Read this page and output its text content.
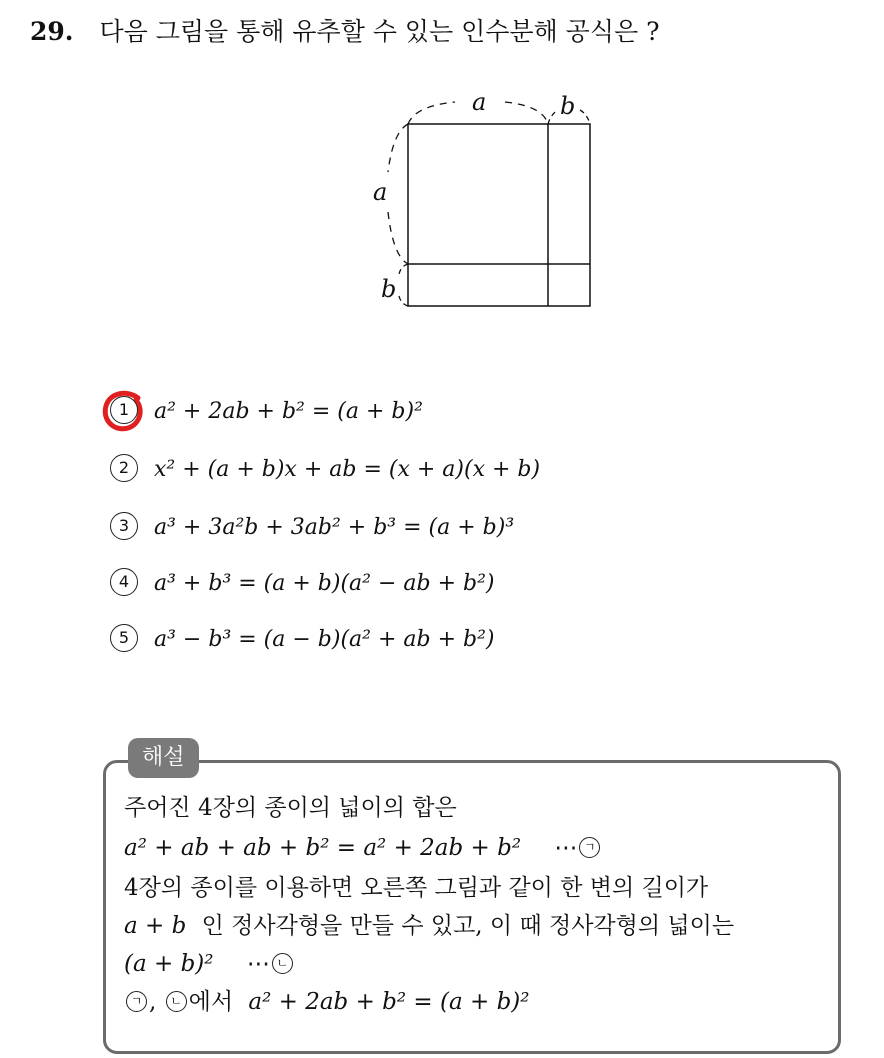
29. 다음 그림을 통해 유추할 수 있는 인수분해 공식은 ?
a	b
a
b
1 a² + 2ab + b² = (a + b)²
2 x² + (a + b)x + ab = (x + a)(x + b)
3 a³ + 3a²b + 3ab² + b³ = (a + b)³
4 a³ + b³ = (a + b)(a² − ab + b²)
5 a³ − b³ = (a − b)(a² + ab + b²)
해설
주어진 4장의 종이의 넓이의 합은
a² + ab + ab + b² = a² + 2ab + b² ⋯ ㄱ
4장의 종이를 이용하면 오른쪽 그림과 같이 한 변의 길이가
a + b 인 정사각형을 만들 수 있고, 이 때 정사각형의 넓이는
(a + b)² ⋯ ㄴ
ㄱ , ㄴ 에서 a² + 2ab + b² = (a + b)²
